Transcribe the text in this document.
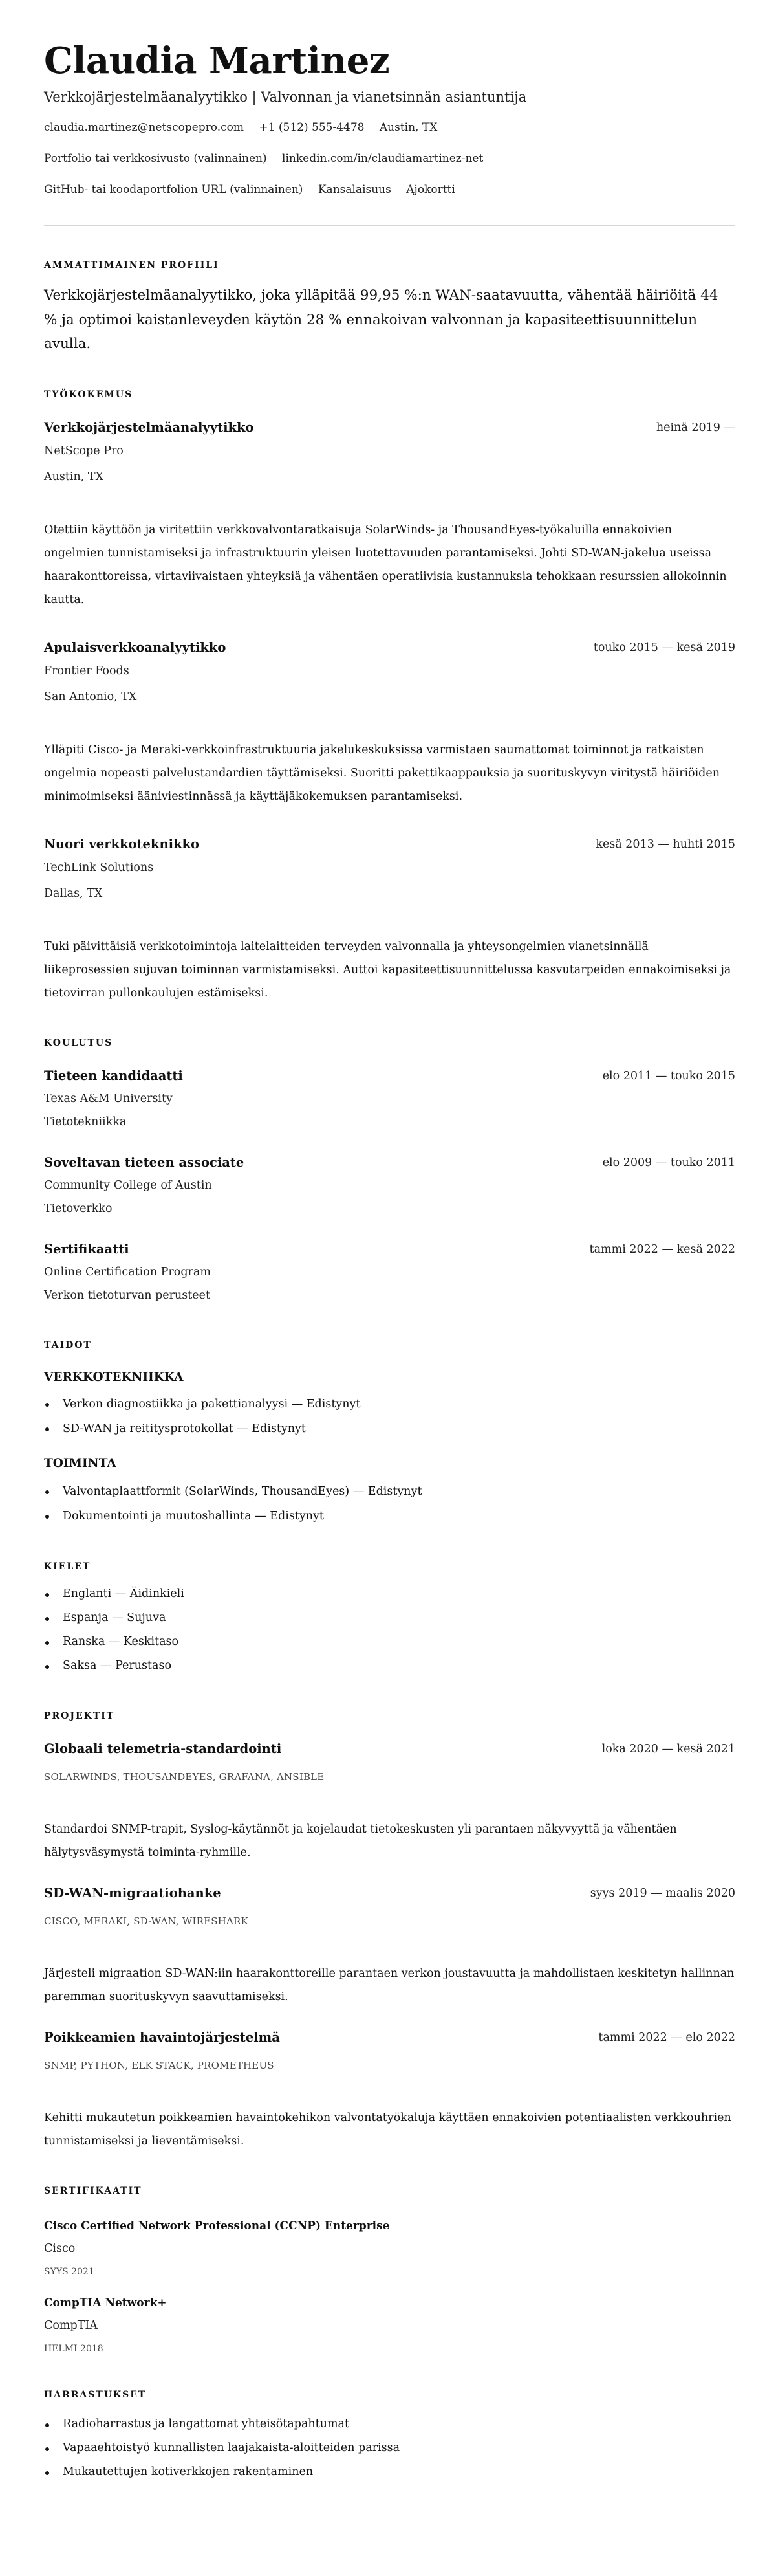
Claudia Martinez
Verkkojärjestelmäanalyytikko | Valvonnan ja vianetsinnän asiantuntija
claudia.martinez@netscopepro.com +1 (512) 555-4478 Austin, TX
Portfolio tai verkkosivusto (valinnainen) linkedin.com/in/claudiamartinez-net
GitHub- tai koodaportfolion URL (valinnainen) Kansalaisuus Ajokortti
AMMATTIMAINEN PROFIILI

Verkkojärjestelmäanalyytikko, joka ylläpitää 99,95 %:n WAN-saatavuutta, vähentää häiriöitä 44 % ja optimoi kaistanleveyden käytön 28 % ennakoivan valvonnan ja kapasiteettisuunnittelun avulla.

TYÖKOKEMUS
Verkkojärjestelmäanalyytikko	heinä 2019 —
NetScope Pro
Austin, TX

Otettiin käyttöön ja viritettiin verkkovalvontaratkaisuja SolarWinds- ja ThousandEyes-työkaluilla ennakoivien ongelmien tunnistamiseksi ja infrastruktuurin yleisen luotettavuuden parantamiseksi. Johti SD-WAN-jakelua useissa haarakonttoreissa, virtaviivaistaen yhteyksiä ja vähentäen operatiivisia kustannuksia tehokkaan resurssien allokoinnin kautta.

Apulaisverkkoanalyytikko	touko 2015 — kesä 2019
Frontier Foods
San Antonio, TX

Ylläpiti Cisco- ja Meraki-verkkoinfrastruktuuria jakelukeskuksissa varmistaen saumattomat toiminnot ja ratkaisten ongelmia nopeasti palvelustandardien täyttämiseksi. Suoritti pakettikaappauksia ja suorituskyvyn viritystä häiriöiden minimoimiseksi ääniviestinnässä ja käyttäjäkokemuksen parantamiseksi.

Nuori verkkoteknikko	kesä 2013 — huhti 2015
TechLink Solutions
Dallas, TX

Tuki päivittäisiä verkkotoimintoja laitelaitteiden terveyden valvonnalla ja yhteysongelmien vianetsinnällä liikeprosessien sujuvan toiminnan varmistamiseksi. Auttoi kapasiteettisuunnittelussa kasvutarpeiden ennakoimiseksi ja tietovirran pullonkaulujen estämiseksi.

KOULUTUS
Tieteen kandidaatti	elo 2011 — touko 2015
Texas A&M University
Tietotekniikka
Soveltavan tieteen associate	elo 2009 — touko 2011
Community College of Austin
Tietoverkko
Sertifikaatti	tammi 2022 — kesä 2022
Online Certification Program
Verkon tietoturvan perusteet
TAIDOT
VERKKOTEKNIIKKA
Verkon diagnostiikka ja pakettianalyysi — Edistynyt
SD-WAN ja reititysprotokollat — Edistynyt
TOIMINTA
Valvontaplaattformit (SolarWinds, ThousandEyes) — Edistynyt
Dokumentointi ja muutoshallinta — Edistynyt
KIELET
Englanti — Äidinkieli
Espanja — Sujuva
Ranska — Keskitaso
Saksa — Perustaso
PROJEKTIT
Globaali telemetria-standardointi	loka 2020 — kesä 2021
SOLARWINDS, THOUSANDEYES, GRAFANA, ANSIBLE

Standardoi SNMP-trapit, Syslog-käytännöt ja kojelaudat tietokeskusten yli parantaen näkyvyyttä ja vähentäen hälytysväsymystä toiminta-ryhmille.

SD-WAN-migraatiohanke	syys 2019 — maalis 2020
CISCO, MERAKI, SD-WAN, WIRESHARK

Järjesteli migraation SD-WAN:iin haarakonttoreille parantaen verkon joustavuutta ja mahdollistaen keskitetyn hallinnan paremman suorituskyvyn saavuttamiseksi.

Poikkeamien havaintojärjestelmä	tammi 2022 — elo 2022
SNMP, PYTHON, ELK STACK, PROMETHEUS

Kehitti mukautetun poikkeamien havaintokehikon valvontatyökaluja käyttäen ennakoivien potentiaalisten verkkouhrien tunnistamiseksi ja lieventämiseksi.

SERTIFIKAATIT
Cisco Certified Network Professional (CCNP) Enterprise
Cisco
SYYS 2021
CompTIA Network+
CompTIA
HELMI 2018
HARRASTUKSET
Radioharrastus ja langattomat yhteisötapahtumat
Vapaaehtoistyö kunnallisten laajakaista-aloitteiden parissa
Mukautettujen kotiverkkojen rakentaminen
